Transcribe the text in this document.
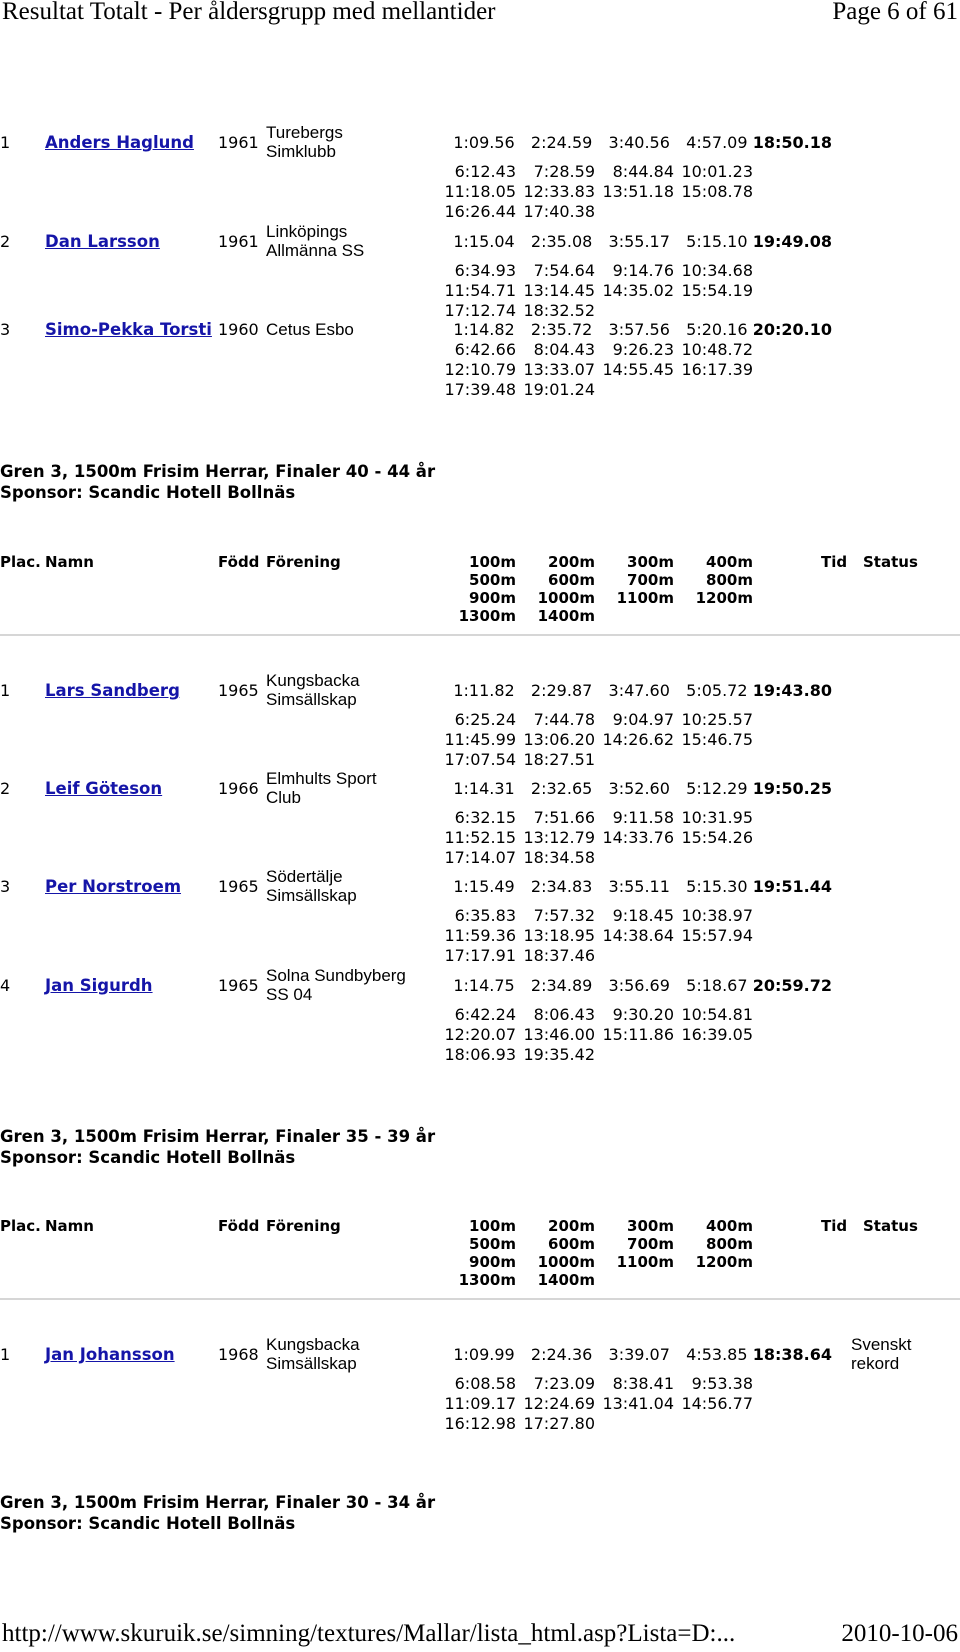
Resultat Totalt - Per åldersgrupp med mellantider	Page 6 of 61
1 Anders Haglund 1961
Turebergs
Simklubb	1:09.56	2:24.59	3:40.56	4:57.09 18:50.18
6:12.43	7:28.59	8:44.84 10:01.23
11:18.05 12:33.83 13:51.18 15:08.78
16:26.44 17:40.38
2 Dan Larsson	1961
Linköpings
Allmänna SS	1:15.04	2:35.08	3:55.17	5:15.10 19:49.08
6:34.93	7:54.64	9:14.76 10:34.68
11:54.71 13:14.45 14:35.02 15:54.19
17:12.74 18:32.52
3 Simo-Pekka Torsti 1960 Cetus Esbo	1:14.82	2:35.72	3:57.56	5:20.16 20:20.10
6:42.66	8:04.43	9:26.23 10:48.72
12:10.79 13:33.07 14:55.45 16:17.39
17:39.48 19:01.24
Gren 3, 1500m Frisim Herrar, Finaler 40 - 44 år
Sponsor: Scandic Hotell Bollnäs
Plac. Namn	Född Förening	Tid Status
100m	200m	300m	400m
500m	600m	700m	800m
900m	1000m	1100m	1200m
1300m	1400m
1 Lars Sandberg 1965
Kungsbacka
Simsällskap	1:11.82	2:29.87	3:47.60	5:05.72 19:43.80
6:25.24	7:44.78	9:04.97 10:25.57
11:45.99 13:06.20 14:26.62 15:46.75
17:07.54 18:27.51
2 Leif Göteson	1966
Elmhults Sport
Club	1:14.31	2:32.65	3:52.60	5:12.29 19:50.25
6:32.15	7:51.66	9:11.58 10:31.95
11:52.15 13:12.79 14:33.76 15:54.26
17:14.07 18:34.58
3 Per Norstroem 1965
Södertälje
Simsällskap	1:15.49	2:34.83	3:55.11	5:15.30 19:51.44
6:35.83	7:57.32	9:18.45 10:38.97
11:59.36 13:18.95 14:38.64 15:57.94
17:17.91 18:37.46
4 Jan Sigurdh	1965
Solna Sundbyberg
SS 04	1:14.75	2:34.89	3:56.69	5:18.67 20:59.72
6:42.24	8:06.43	9:30.20 10:54.81
12:20.07 13:46.00 15:11.86 16:39.05
18:06.93 19:35.42
Gren 3, 1500m Frisim Herrar, Finaler 35 - 39 år
Sponsor: Scandic Hotell Bollnäs
Plac. Namn	Född Förening	Tid Status
100m	200m	300m	400m
500m	600m	700m	800m
900m	1000m	1100m	1200m
1300m	1400m
1 Jan Johansson	1968
Kungsbacka
Simsällskap	1:09.99	2:24.36	3:39.07	4:53.85 18:38.64
6:08.58	7:23.09	8:38.41	9:53.38
11:09.17 12:24.69 13:41.04 14:56.77
16:12.98 17:27.80
Svenskt
rekord
Gren 3, 1500m Frisim Herrar, Finaler 30 - 34 år
Sponsor: Scandic Hotell Bollnäs
http://www.skuruik.se/simning/textures/Mallar/lista_html.asp?Lista=D:...	2010-10-06
